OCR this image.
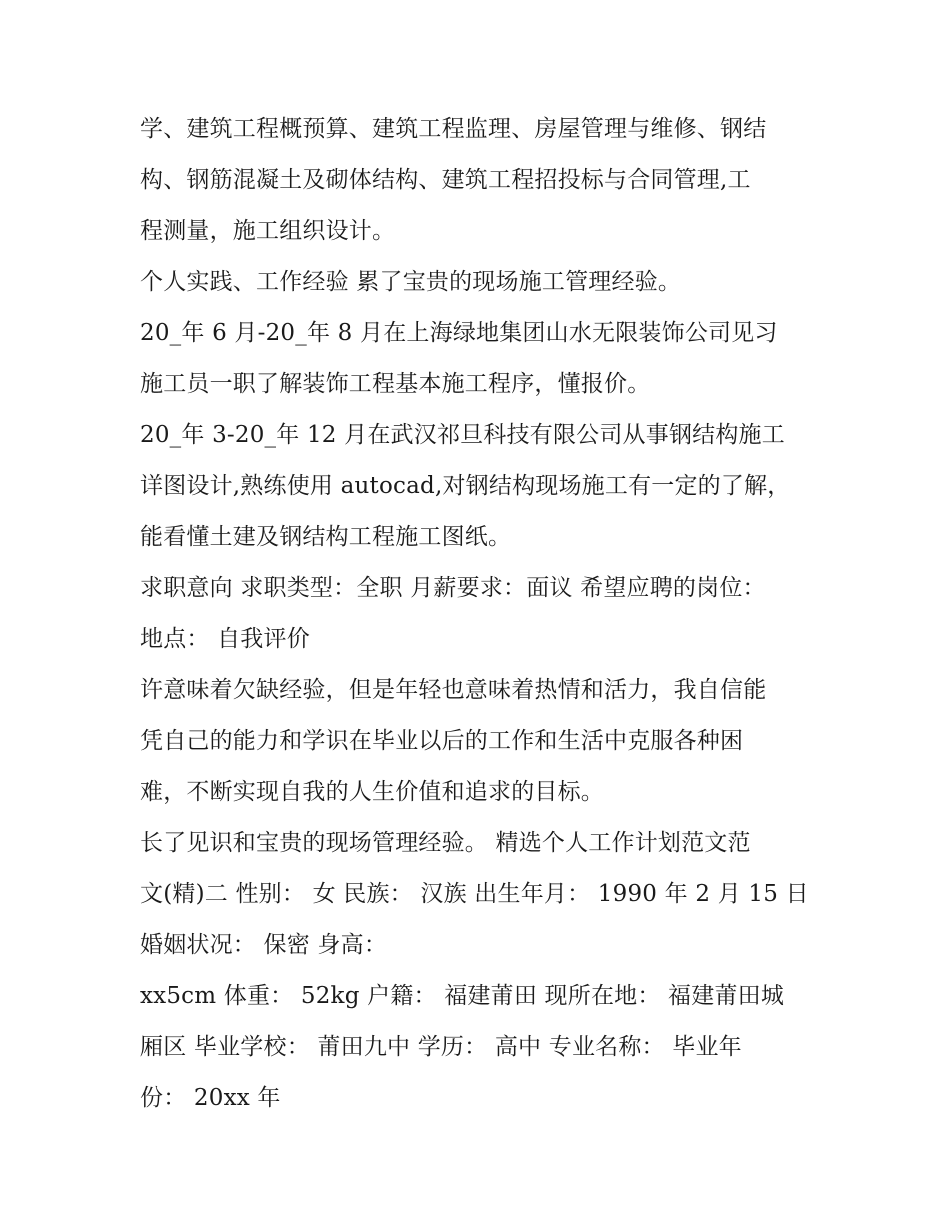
学、建筑工程概预算、建筑工程监理、房屋管理与维修、钢结
构、钢筋混凝土及砌体结构、建筑工程招投标与合同管理,工
程测量，施工组织设计。
个人实践、工作经验 累了宝贵的现场施工管理经验。
20_年 6 月-20_年 8 月在上海绿地集团山水无限装饰公司见习
施工员一职了解装饰工程基本施工程序，懂报价。
20_年 3-20_年 12 月在武汉祁旦科技有限公司从事钢结构施工
详图设计,熟练使用 autocad,对钢结构现场施工有一定的了解，
能看懂土建及钢结构工程施工图纸。
求职意向 求职类型：全职 月薪要求：面议 希望应聘的岗位：
地点： 自我评价
许意味着欠缺经验，但是年轻也意味着热情和活力，我自信能
凭自己的能力和学识在毕业以后的工作和生活中克服各种困
难，不断实现自我的人生价值和追求的目标。
长了见识和宝贵的现场管理经验。 精选个人工作计划范文范
文(精)二 性别： 女 民族： 汉族 出生年月： 1990 年 2 月 15 日
婚姻状况： 保密 身高：
xx5cm 体重： 52kg 户籍： 福建莆田 现所在地： 福建莆田城
厢区 毕业学校： 莆田九中 学历： 高中 专业名称： 毕业年
份： 20xx 年
